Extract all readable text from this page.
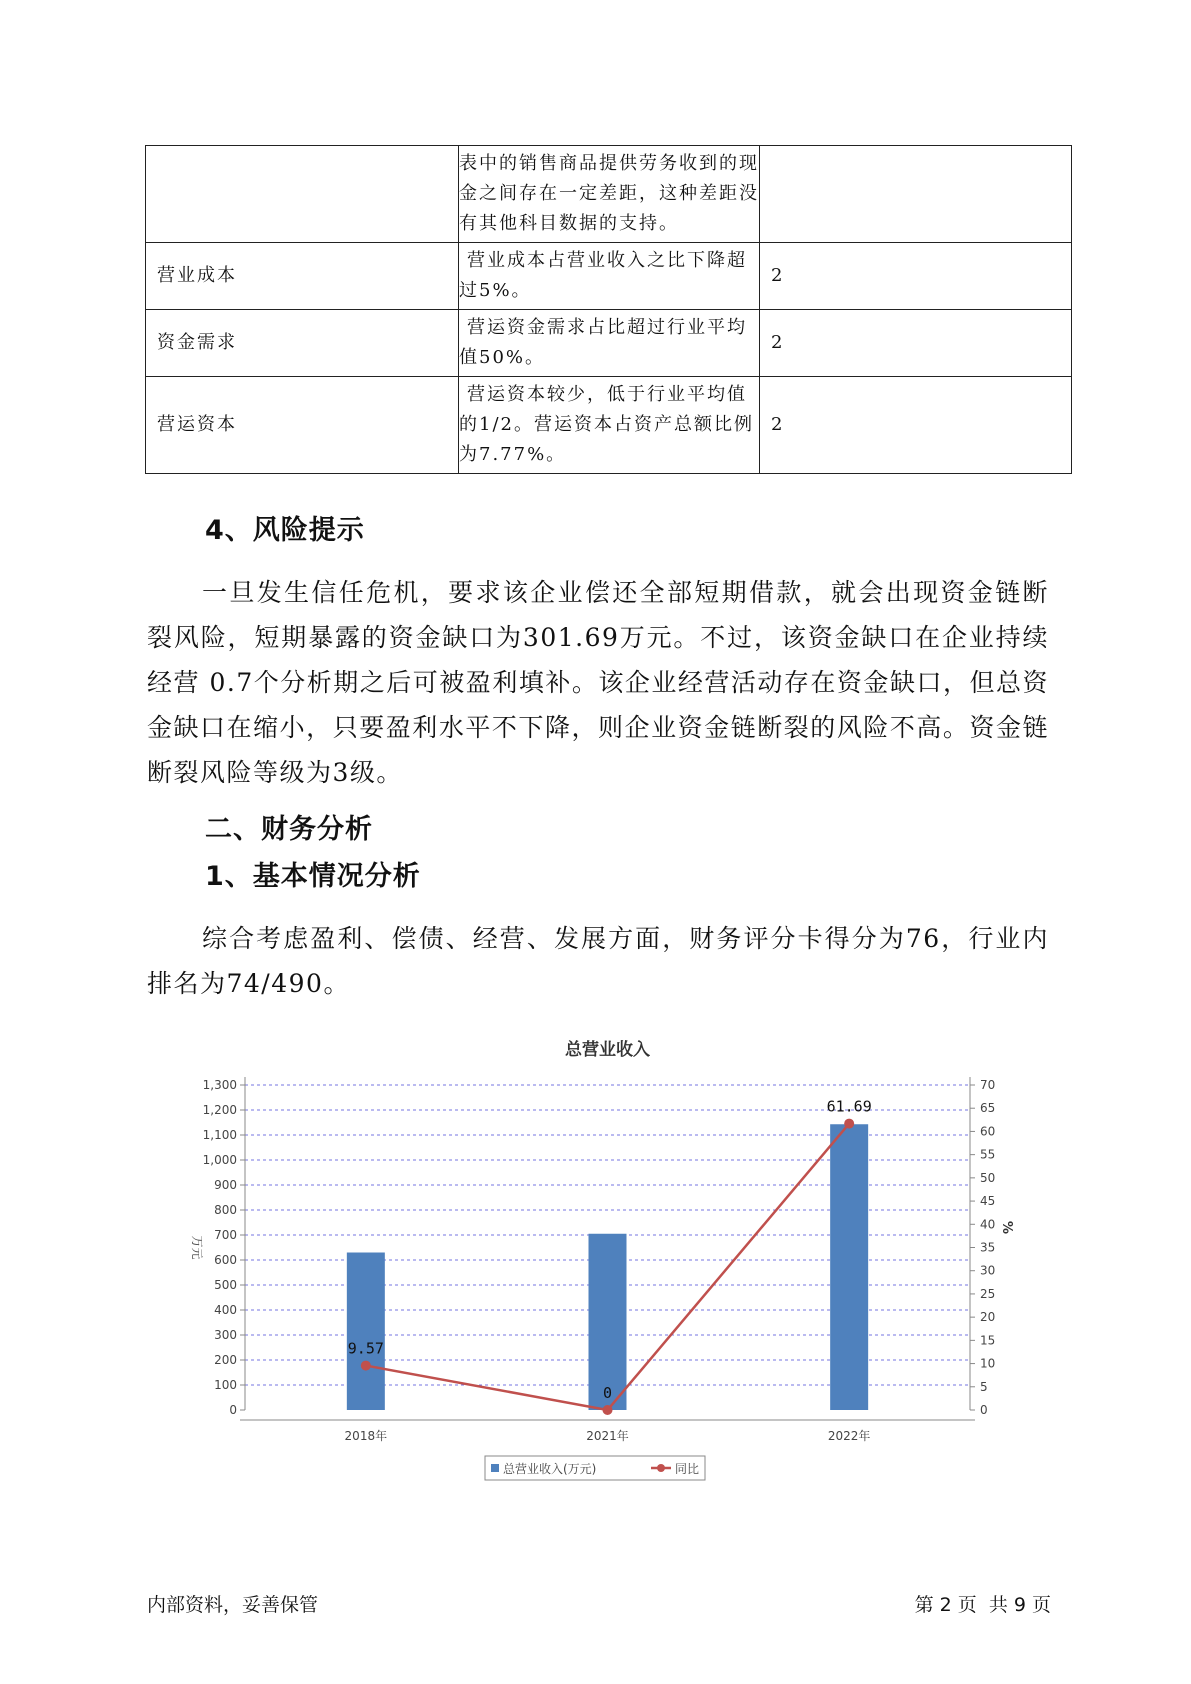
	表中的销售商品提供劳务收到的现金之间存在一定差距，这种差距没有其他科目数据的支持。	
营业成本	营业成本占营业收入之比下降超过5%。	2
资金需求	营运资金需求占比超过行业平均值50%。	2
营运资本	营运资本较少，低于行业平均值的1/2。营运资本占资产总额比例为7.77%。	2
4、风险提示

一旦发生信任危机，要求该企业偿还全部短期借款，就会出现资金链断裂风险，短期暴露的资金缺口为301.69万元。不过，该资金缺口在企业持续经营 0.7个分析期之后可被盈利填补。该企业经营活动存在资金缺口，但总资金缺口在缩小，只要盈利水平不下降，则企业资金链断裂的风险不高。资金链断裂风险等级为3级。

二、财务分析
1、基本情况分析

综合考虑盈利、偿债、经营、发展方面，财务评分卡得分为76，行业内排名为74/490。

总营业收入
0
100
200
300
400
500
600
700
800
900
1,000
1,100
1,200
1,300
0
5
10
15
20
25
30
35
40
45
50
55
60
65
70
万元
%
2018年	2021年	2022年
9.57
0
61.69
总营业收入(万元)	同比
内部资料，妥善保管	第 2 页  共 9 页
